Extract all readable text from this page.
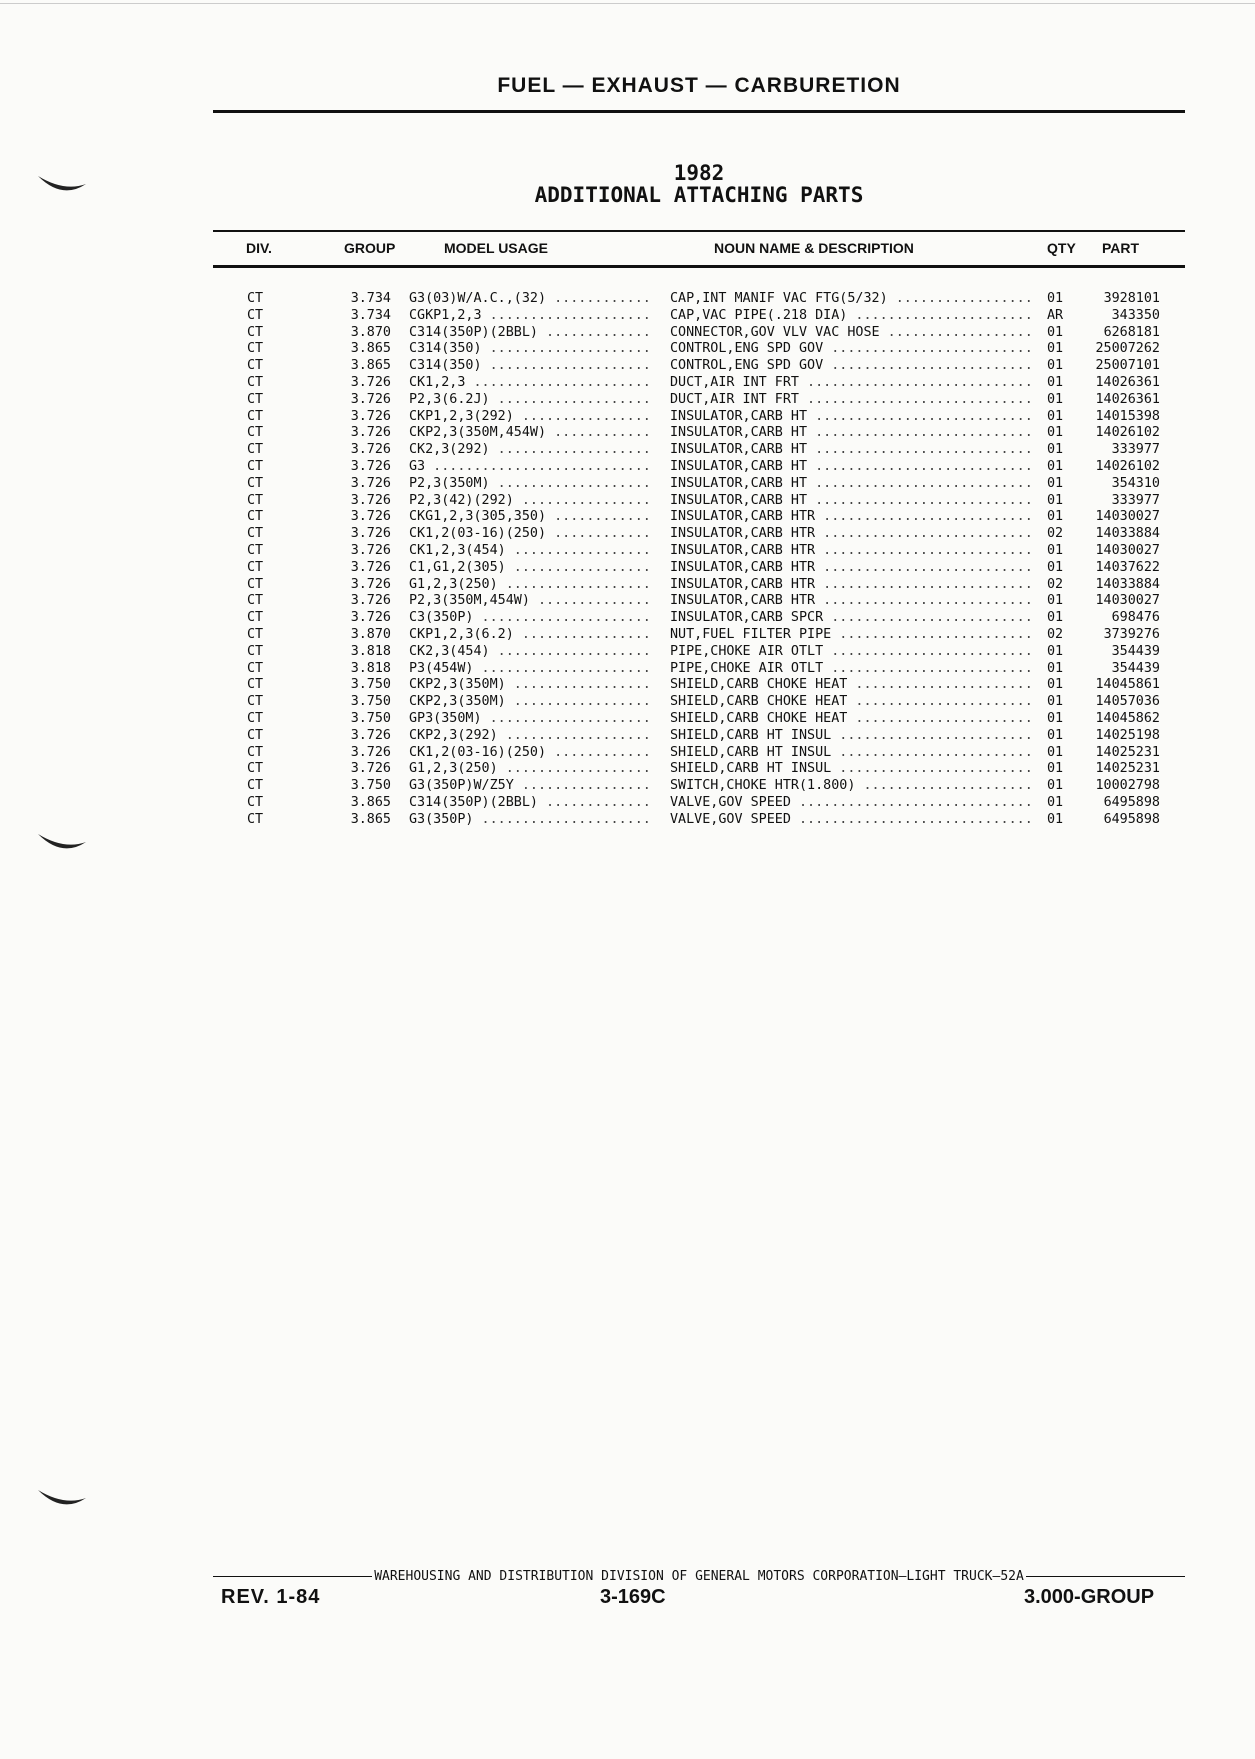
FUEL — EXHAUST — CARBURETION
1982
ADDITIONAL ATTACHING PARTS
DIV.	GROUP	MODEL USAGE	NOUN NAME & DESCRIPTION	QTY PART
CT	3.734 G3(03)W/A.C.,(32) .....	CAP,INT MANIF VAC FTG(5/32) .....	01	3928101
CT	3.734 CGKP1,2,3 .....	CAP,VAC PIPE(.218 DIA) .....	AR	343350
CT	3.870 C314(350P)(2BBL) .....	CONNECTOR,GOV VLV VAC HOSE .....	01	6268181
CT	3.865 C314(350) .....	CONTROL,ENG SPD GOV .....	01	25007262
CT	3.865 C314(350) .....	CONTROL,ENG SPD GOV .....	01	25007101
CT	3.726 CK1,2,3 .....	DUCT,AIR INT FRT .....	01	14026361
CT	3.726 P2,3(6.2J) .....	DUCT,AIR INT FRT .....	01	14026361
CT	3.726 CKP1,2,3(292) .....	INSULATOR,CARB HT .....	01	14015398
CT	3.726 CKP2,3(350M,454W) .....	INSULATOR,CARB HT .....	01	14026102
CT	3.726 CK2,3(292) .....	INSULATOR,CARB HT .....	01	333977
CT	3.726 G3 .....	INSULATOR,CARB HT .....	01	14026102
CT	3.726 P2,3(350M) .....	INSULATOR,CARB HT .....	01	354310
CT	3.726 P2,3(42)(292) .....	INSULATOR,CARB HT .....	01	333977
CT	3.726 CKG1,2,3(305,350) .....	INSULATOR,CARB HTR .....	01	14030027
CT	3.726 CK1,2(03-16)(250) .....	INSULATOR,CARB HTR .....	02	14033884
CT	3.726 CK1,2,3(454) .....	INSULATOR,CARB HTR .....	01	14030027
CT	3.726 C1,G1,2(305) .....	INSULATOR,CARB HTR .....	01	14037622
CT	3.726 G1,2,3(250) .....	INSULATOR,CARB HTR .....	02	14033884
CT	3.726 P2,3(350M,454W) .....	INSULATOR,CARB HTR .....	01	14030027
CT	3.726 C3(350P) .....	INSULATOR,CARB SPCR .....	01	698476
CT	3.870 CKP1,2,3(6.2) .....	NUT,FUEL FILTER PIPE .....	02	3739276
CT	3.818 CK2,3(454) .....	PIPE,CHOKE AIR OTLT .....	01	354439
CT	3.818 P3(454W) .....	PIPE,CHOKE AIR OTLT .....	01	354439
CT	3.750 CKP2,3(350M) .....	SHIELD,CARB CHOKE HEAT .....	01	14045861
CT	3.750 CKP2,3(350M) .....	SHIELD,CARB CHOKE HEAT .....	01	14057036
CT	3.750 GP3(350M) .....	SHIELD,CARB CHOKE HEAT .....	01	14045862
CT	3.726 CKP2,3(292) .....	SHIELD,CARB HT INSUL .....	01	14025198
CT	3.726 CK1,2(03-16)(250) .....	SHIELD,CARB HT INSUL .....	01	14025231
CT	3.726 G1,2,3(250) .....	SHIELD,CARB HT INSUL .....	01	14025231
CT	3.750 G3(350P)W/Z5Y .....	SWITCH,CHOKE HTR(1.800) .....	01	10002798
CT	3.865 C314(350P)(2BBL) .....	VALVE,GOV SPEED .....	01	6495898
CT	3.865 G3(350P) .....	VALVE,GOV SPEED .....	01	6495898
WAREHOUSING AND DISTRIBUTION DIVISION OF GENERAL MOTORS CORPORATION—LIGHT TRUCK—52A
REV. 1-84	3-169C	3.000-GROUP
